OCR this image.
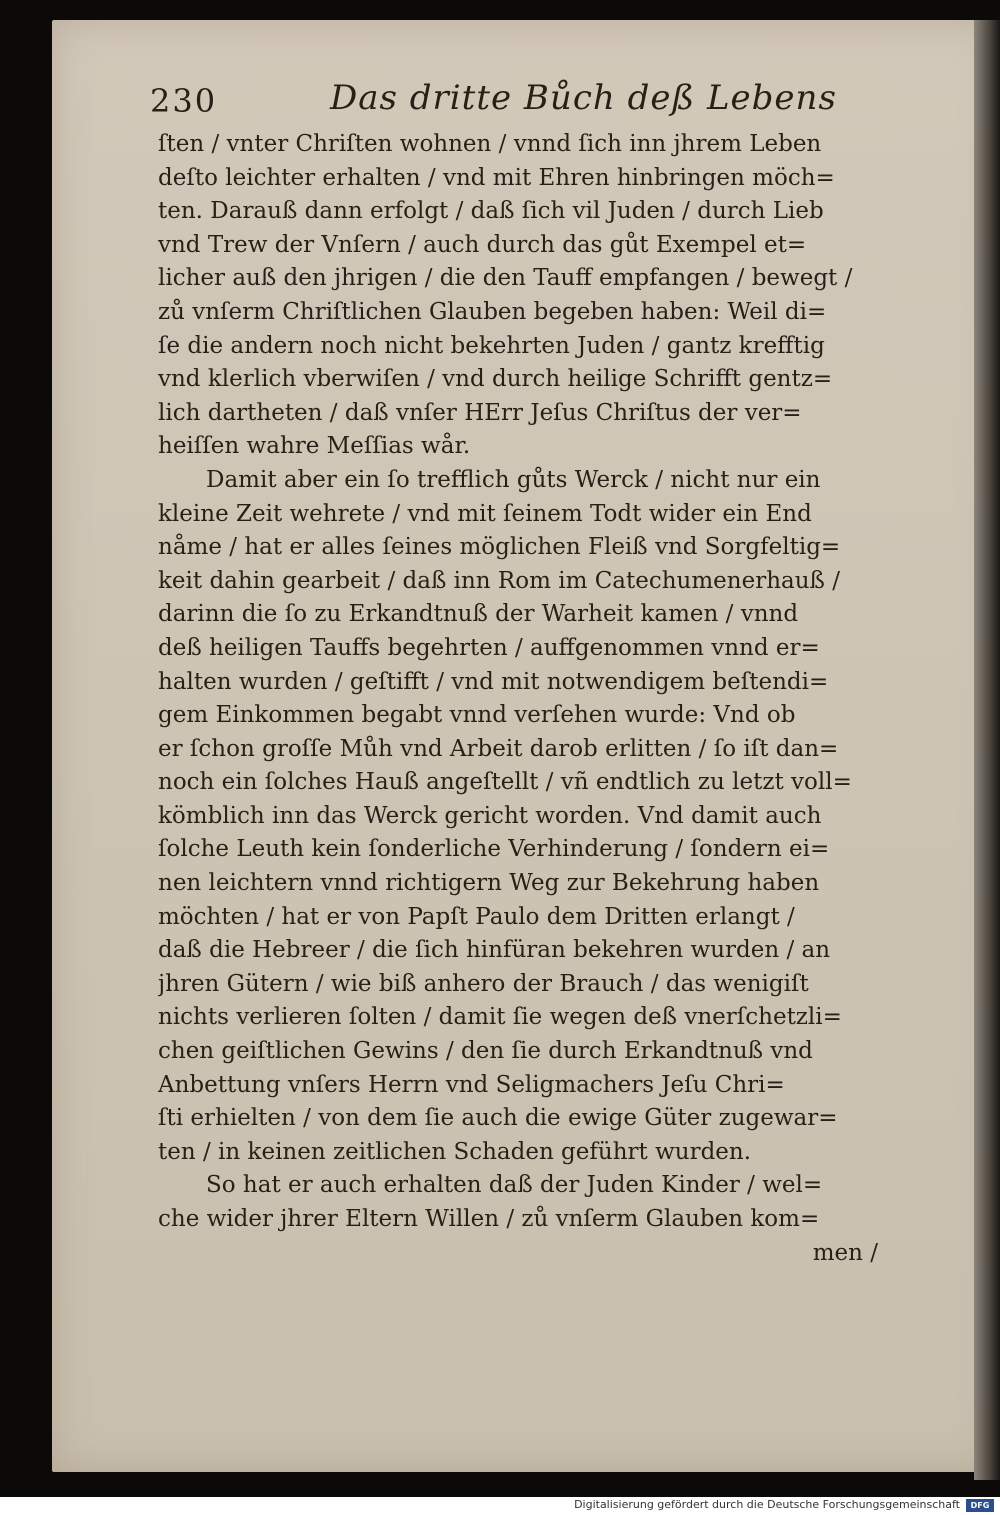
230	Das dritte Bůch deß Lebens
ſten / vnter Chriſten wohnen / vnnd ſich inn jhrem Leben
deſto leichter erhalten / vnd mit Ehren hinbringen möch=
ten. Darauß dann erfolgt / daß ſich vil Juden / durch Lieb
vnd Trew der Vnſern / auch durch das gůt Exempel et=
licher auß den jhrigen / die den Tauff empfangen / bewegt /
zů vnſerm Chriſtlichen Glauben begeben haben: Weil di=
ſe die andern noch nicht bekehrten Juden / gantz krefftig
vnd klerlich vberwiſen / vnd durch heilige Schrifft gentz=
lich dartheten / daß vnſer HErr Jeſus Chriſtus der ver=
heiſſen wahre Meſſias wår.
Damit aber ein ſo trefflich gůts Werck / nicht nur ein
kleine Zeit wehrete / vnd mit ſeinem Todt wider ein End
nåme / hat er alles ſeines möglichen Fleiß vnd Sorgfeltig=
keit dahin gearbeit / daß inn Rom im Catechumenerhauß /
darinn die ſo zu Erkandtnuß der Warheit kamen / vnnd
deß heiligen Tauffs begehrten / auffgenommen vnnd er=
halten wurden / geſtifft / vnd mit notwendigem beſtendi=
gem Einkommen begabt vnnd verſehen wurde: Vnd ob
er ſchon groſſe Můh vnd Arbeit darob erlitten / ſo iſt dan=
noch ein ſolches Hauß angeſtellt / vñ endtlich zu letzt voll=
kömblich inn das Werck gericht worden. Vnd damit auch
ſolche Leuth kein ſonderliche Verhinderung / ſondern ei=
nen leichtern vnnd richtigern Weg zur Bekehrung haben
möchten / hat er von Papſt Paulo dem Dritten erlangt /
daß die Hebreer / die ſich hinfüran bekehren wurden / an
jhren Gütern / wie biß anhero der Brauch / das wenigiſt
nichts verlieren ſolten / damit ſie wegen deß vnerſchetzli=
chen geiſtlichen Gewins / den ſie durch Erkandtnuß vnd
Anbettung vnſers Herrn vnd Seligmachers Jeſu Chri=
ſti erhielten / von dem ſie auch die ewige Güter zugewar=
ten / in keinen zeitlichen Schaden geführt wurden.
So hat er auch erhalten daß der Juden Kinder / wel=
che wider jhrer Eltern Willen / zů vnſerm Glauben kom=
men /
Digitalisierung gefördert durch die Deutsche Forschungsgemeinschaft	DFG
